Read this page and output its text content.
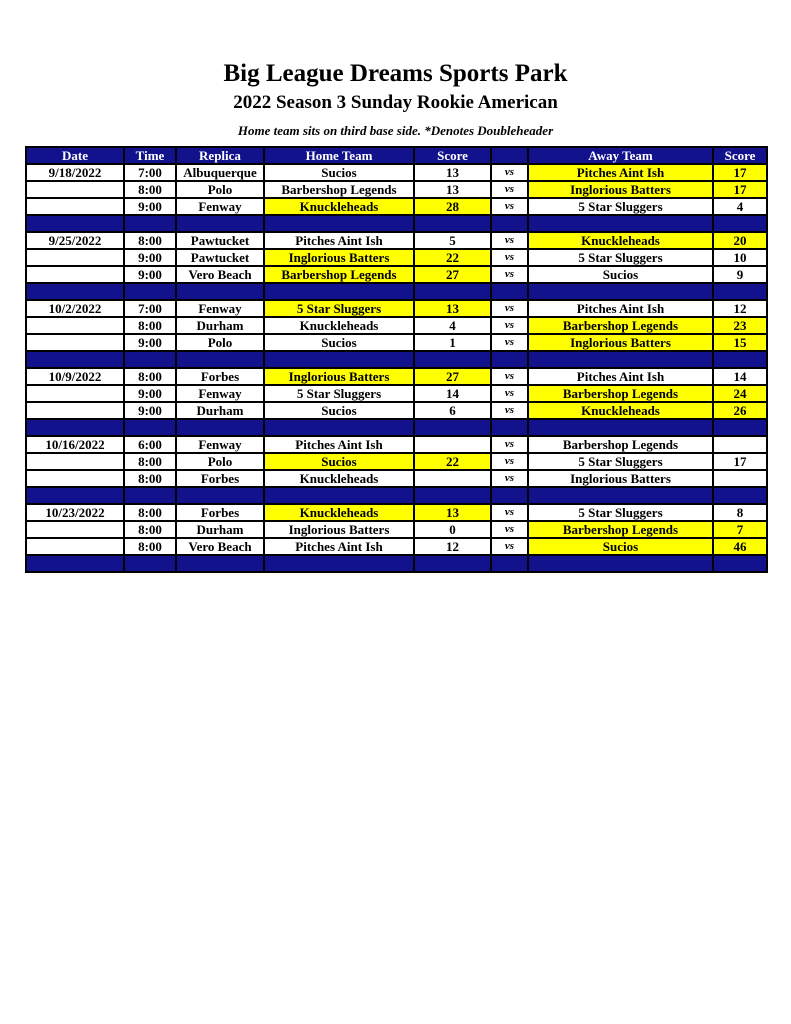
Big League Dreams Sports Park
2022 Season 3 Sunday Rookie American
Home team sits on third base side. *Denotes Doubleheader
Date	Time	Replica	Home Team	Score		Away Team	Score
9/18/2022	7:00	Albuquerque	Sucios	13	vs	Pitches Aint Ish	17
	8:00	Polo	Barbershop Legends	13	vs	Inglorious Batters	17
	9:00	Fenway	Knuckleheads	28	vs	5 Star Sluggers	4

9/25/2022	8:00	Pawtucket	Pitches Aint Ish	5	vs	Knuckleheads	20
	9:00	Pawtucket	Inglorious Batters	22	vs	5 Star Sluggers	10
	9:00	Vero Beach	Barbershop Legends	27	vs	Sucios	9

10/2/2022	7:00	Fenway	5 Star Sluggers	13	vs	Pitches Aint Ish	12
	8:00	Durham	Knuckleheads	4	vs	Barbershop Legends	23
	9:00	Polo	Sucios	1	vs	Inglorious Batters	15

10/9/2022	8:00	Forbes	Inglorious Batters	27	vs	Pitches Aint Ish	14
	9:00	Fenway	5 Star Sluggers	14	vs	Barbershop Legends	24
	9:00	Durham	Sucios	6	vs	Knuckleheads	26

10/16/2022	6:00	Fenway	Pitches Aint Ish		vs	Barbershop Legends	
	8:00	Polo	Sucios	22	vs	5 Star Sluggers	17
	8:00	Forbes	Knuckleheads		vs	Inglorious Batters	

10/23/2022	8:00	Forbes	Knuckleheads	13	vs	5 Star Sluggers	8
	8:00	Durham	Inglorious Batters	0	vs	Barbershop Legends	7
	8:00	Vero Beach	Pitches Aint Ish	12	vs	Sucios	46
